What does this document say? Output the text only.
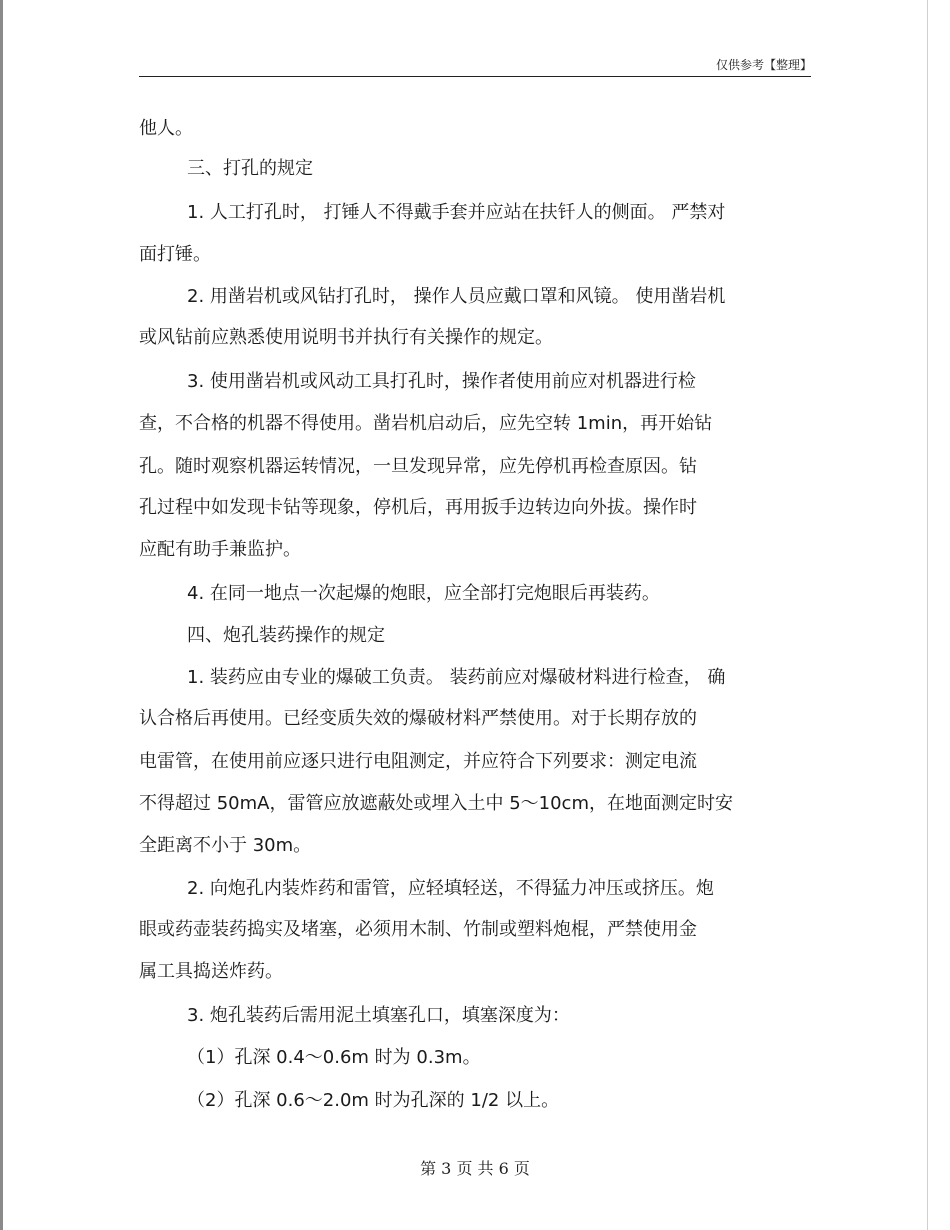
仅供参考【整理】
他人。
三、打孔的规定
1. 人工打孔时， 打锤人不得戴手套并应站在扶钎人的侧面。 严禁对
面打锤。
2. 用凿岩机或风钻打孔时， 操作人员应戴口罩和风镜。 使用凿岩机
或风钻前应熟悉使用说明书并执行有关操作的规定。
3. 使用凿岩机或风动工具打孔时，操作者使用前应对机器进行检
查，不合格的机器不得使用。凿岩机启动后，应先空转 1min，再开始钻
孔。随时观察机器运转情况，一旦发现异常，应先停机再检查原因。钻
孔过程中如发现卡钻等现象，停机后，再用扳手边转边向外拔。操作时
应配有助手兼监护。
4. 在同一地点一次起爆的炮眼，应全部打完炮眼后再装药。
四、炮孔装药操作的规定
1. 装药应由专业的爆破工负责。 装药前应对爆破材料进行检查， 确
认合格后再使用。已经变质失效的爆破材料严禁使用。对于长期存放的
电雷管，在使用前应逐只进行电阻测定，并应符合下列要求：测定电流
不得超过 50mA，雷管应放遮蔽处或埋入土中 5～10cm，在地面测定时安
全距离不小于 30m。
2. 向炮孔内装炸药和雷管，应轻填轻送，不得猛力冲压或挤压。炮
眼或药壶装药捣实及堵塞，必须用木制、竹制或塑料炮棍，严禁使用金
属工具捣送炸药。
3. 炮孔装药后需用泥土填塞孔口，填塞深度为：
（1）孔深 0.4～0.6m 时为 0.3m。
（2）孔深 0.6～2.0m 时为孔深的 1/2 以上。
第 3 页 共 6 页
